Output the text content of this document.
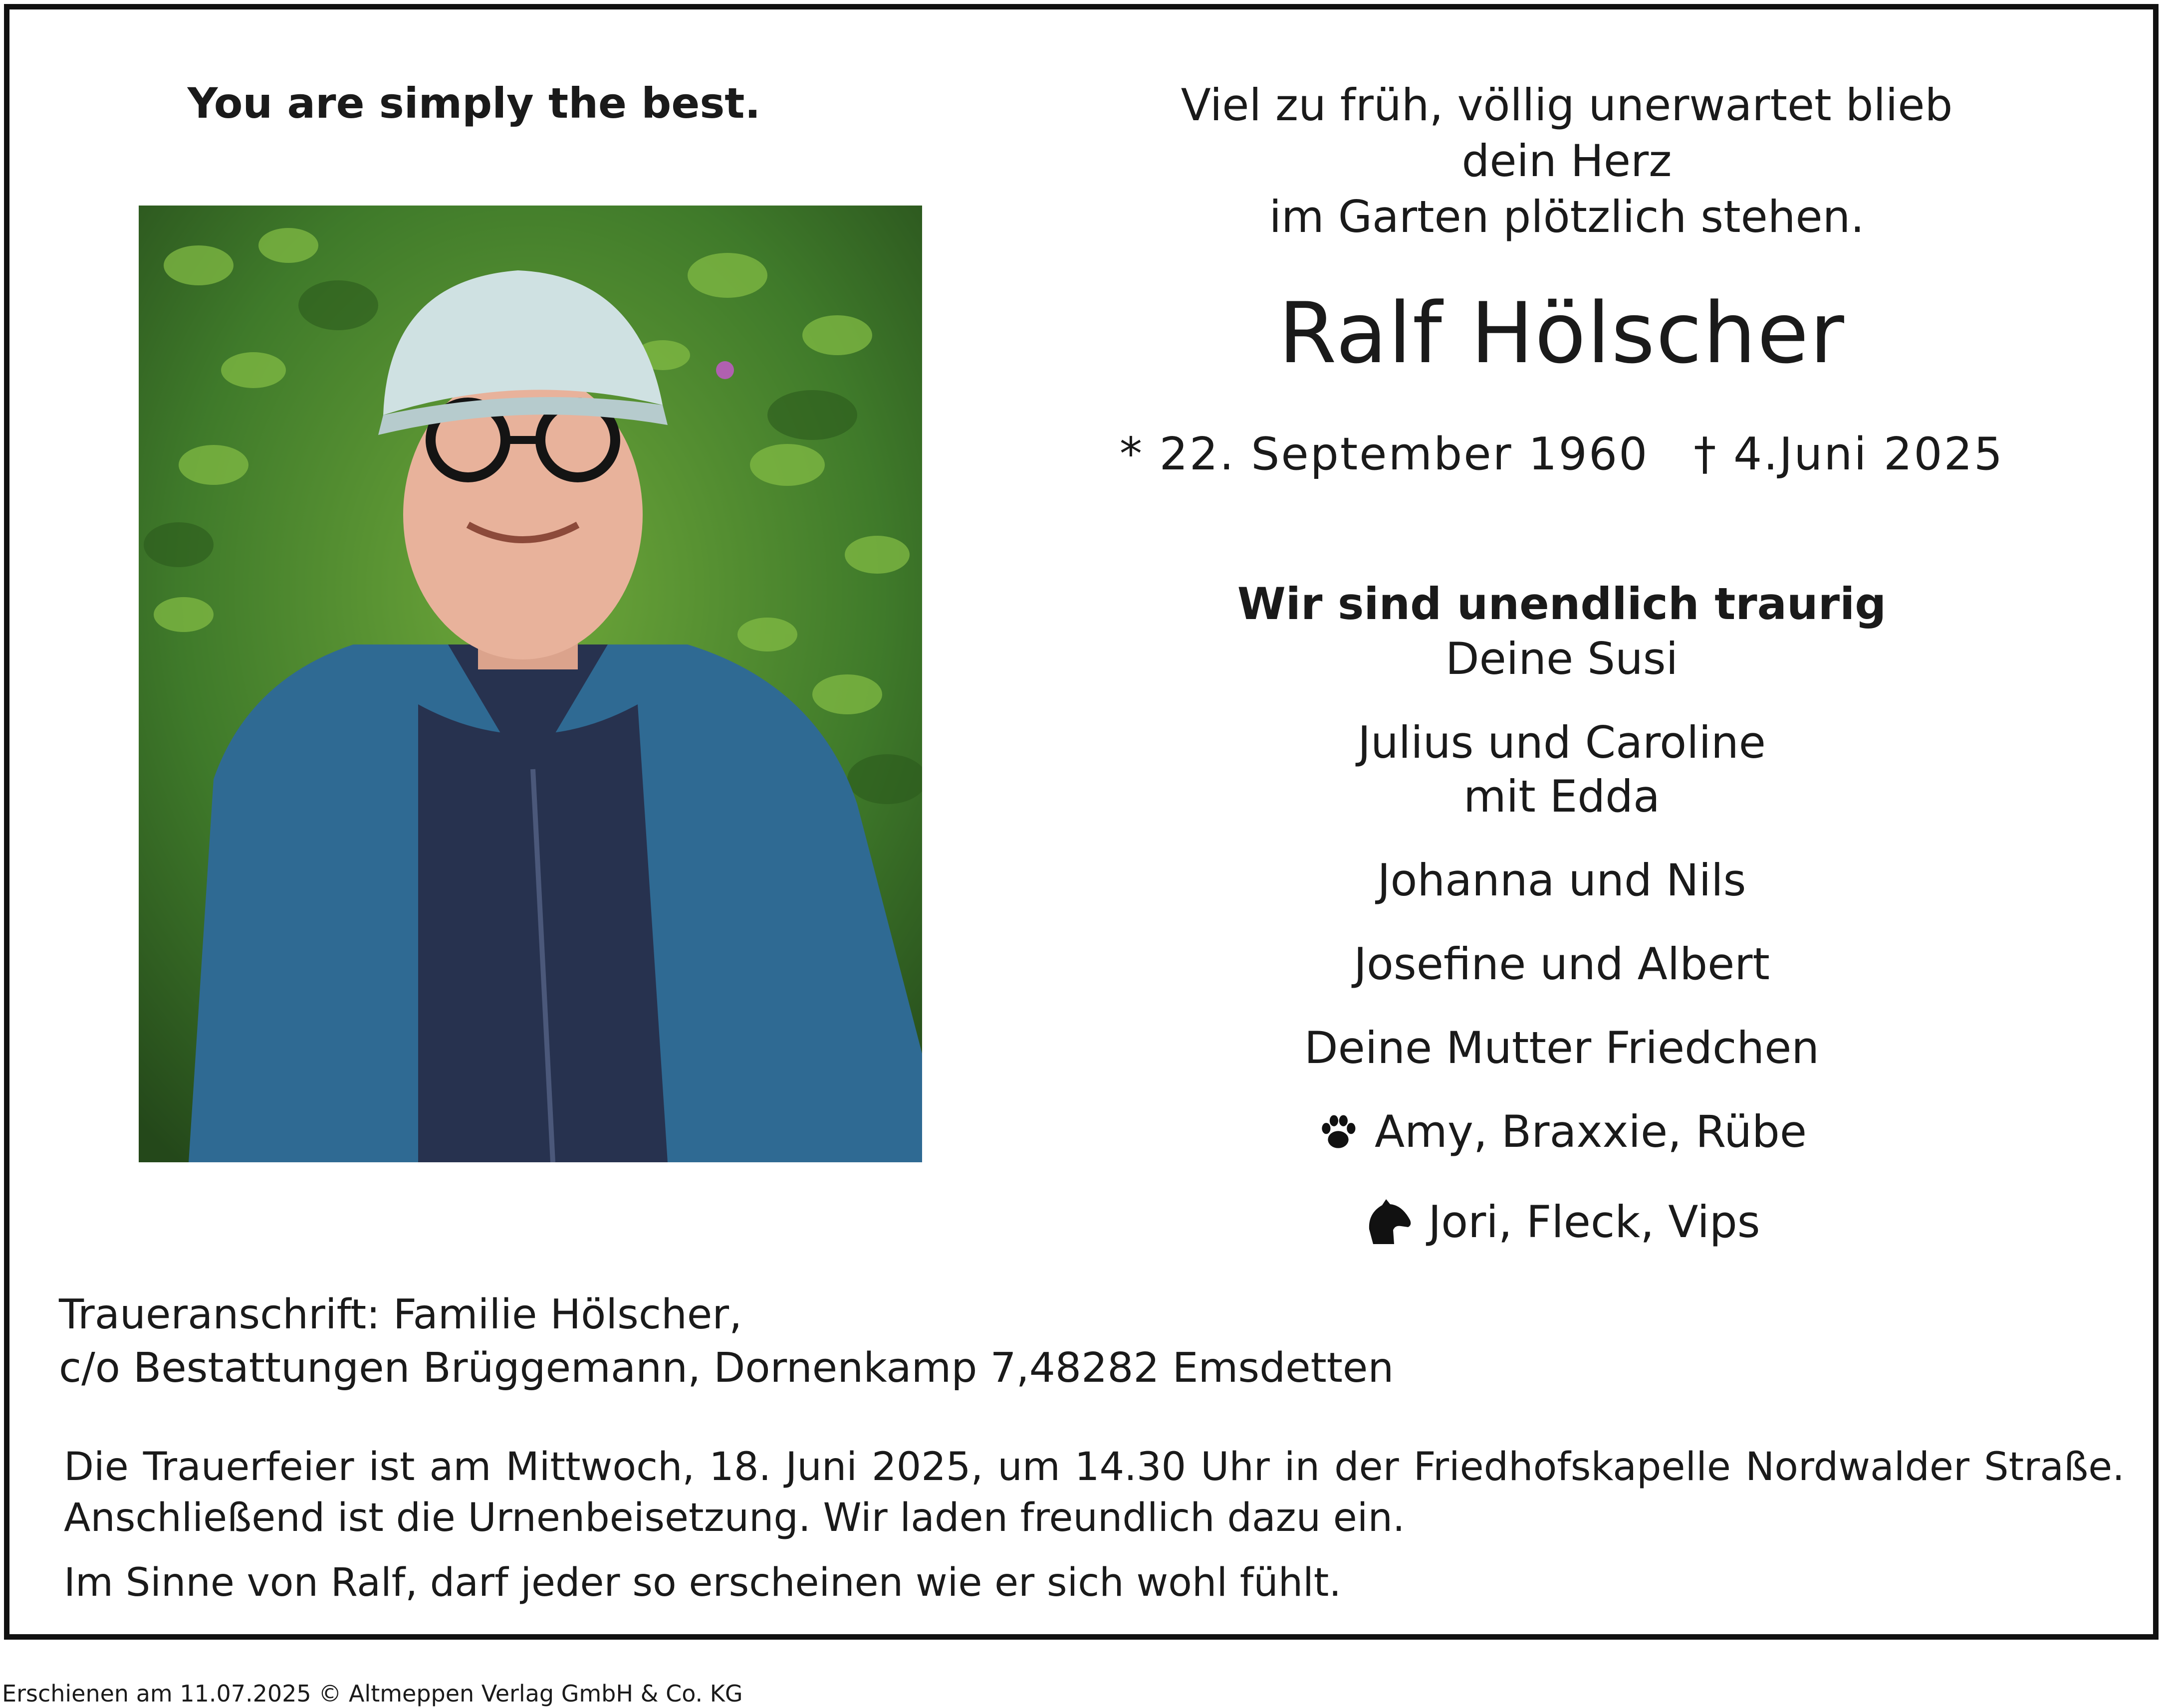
You are simply the best.	Viel zu früh, völlig unerwartet blieb dein Herz
im Garten plötzlich stehen.
Ralf Hölscher
* 22. September 1960 † 4.Juni 2025
Wir sind unendlich traurig
Deine Susi
Julius und Caroline
mit Edda
Johanna und Nils
Josefine und Albert
Deine Mutter Friedchen
Amy, Braxxie, Rübe
Jori, Fleck, Vips
Traueranschrift: Familie Hölscher,
c/o Bestattungen Brüggemann, Dornenkamp 7,48282 Emsdetten
Die Trauerfeier ist am Mittwoch, 18. Juni 2025, um 14.30 Uhr in der Friedhofskapelle Nordwalder Straße.
Anschließend ist die Urnenbeisetzung. Wir laden freundlich dazu ein.
Im Sinne von Ralf, darf jeder so erscheinen wie er sich wohl fühlt.
Erschienen am 11.07.2025 © Altmeppen Verlag GmbH & Co. KG
